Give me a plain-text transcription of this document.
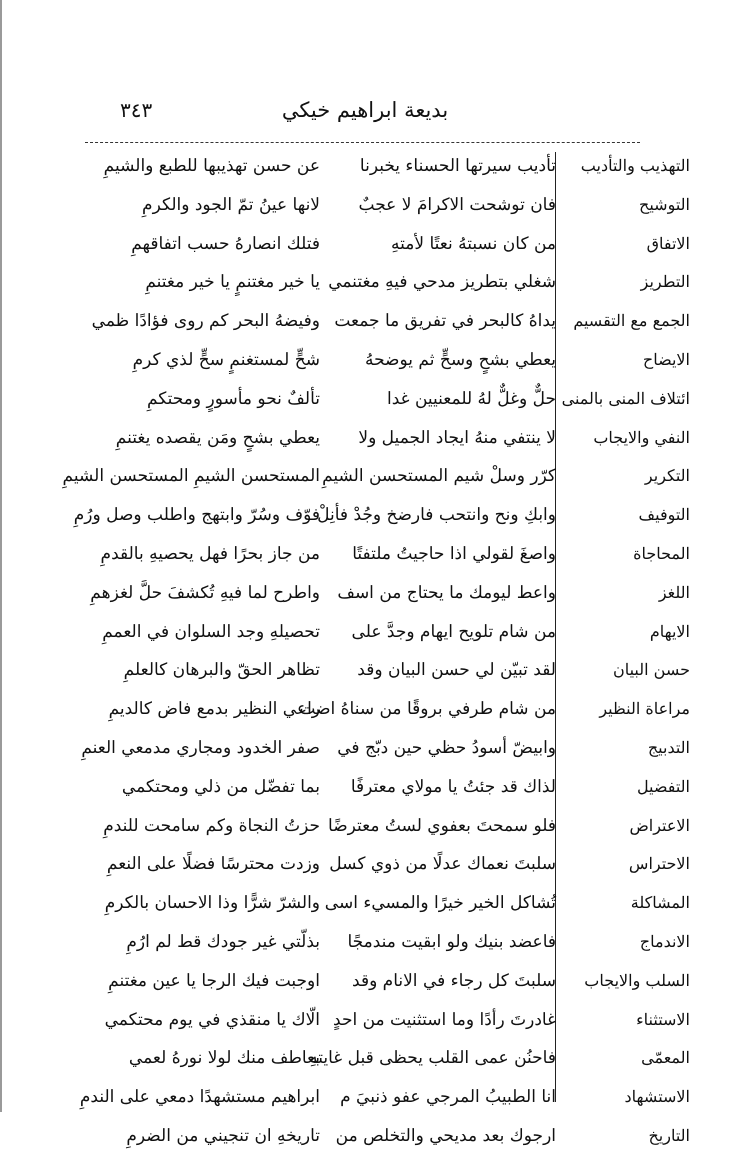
بديعة ابراهيم خيكي
٣٤٣
التهذيب والتأديب
تأديب سيرتها الحسناء يخبرنا
عن حسن تهذيبها للطبع والشيمِ
التوشيح
فان توشحت الاكرامَ لا عجبٌ
لانها عينُ تمّ الجود والكرمِ
الاتفاق
من كان نسبتهُ نعتًا لأمتهِ
فتلك انصارهُ حسب اتفاقهمِ
التطريز
شغلي بتطريز مدحي فيهِ مغتنمي
يا خير مغتنمٍ يا خير مغتنمِ
الجمع مع التقسيم
يداهُ كالبحر في تفريق ما جمعت
وفيضهُ البحر كم روى فؤادًا ظمي
الايضاح
يعطي بشحٍ وسحٍّ ثم يوضحهُ
شحٍّ لمستغنمٍ سحٍّ لذي كرمِ
ائتلاف المنى بالمنى
حلٌّ وغلٌّ لهُ للمعنيين غدا
تألفٌ نحو مأسورٍ ومحتكمِ
النفي والايجاب
لا ينتفي منهُ ايجاد الجميل ولا
يعطي بشحٍ ومَن يقصده يغتنمِ
التكرير
كرّر وسلْ شيم المستحسن الشيمِ
المستحسن الشيمِ المستحسن الشيمِ
التوفيف
وابكِ ونح وانتحب فارضخ وجُدْ فأنِلْ
فوّف وسُرّ وابتهج واطلب وصل ورُمِ
المحاجاة
واصغَ لقولي اذا حاجيتُ ملتفتًا
من جاز بحرًا فهل يحصيهِ بالقدمِ
اللغز
واعط ليومك ما يحتاج من اسف
واطرح لما فيهِ تُكشفَ حلَّ لغزهمِ
الايهام
من شام تلويح ايهام وجدَّ على
تحصيلهِ وجد السلوان في العممِ
حسن البيان
لقد تبيّن لي حسن البيان وقد
تظاهر الحقّ والبرهان كالعلمِ
مراعاة النظير
من شام طرفي بروقًا من سناهُ اضت
راعي النظير بدمع فاض كالديمِ
التدبيج
وابيضّ أسودُ حظي حين دبّج في
صفر الخدود ومجاري مدمعي العنمِ
التفضيل
لذاك قد جئتُ يا مولاي معترفًا
بما تفضّل من ذلي ومحتكمي
الاعتراض
فلو سمحتَ بعفوي لستُ معترضًا
حزتُ النجاة وكم سامحت للندمِ
الاحتراس
سلبتَ نعماك عدلًا من ذوي كسل
وزدت محترسًا فضلًا على النعمِ
المشاكلة
تُشاكل الخير خيرًا والمسيء اسى
والشرّ شرًّا وذا الاحسان بالكرمِ
الاندماج
فاعضد بنيك ولو ابقيت مندمجًا
بذلّتي غير جودك قط لم ارُمِ
السلب والايجاب
سلبتَ كل رجاء في الانام وقد
اوجبت فيك الرجا يا عين مغتنمِ
الاستثناء
غادرتَ رأدًا وما استثنيت من احدٍ
الّاك يا منقذي في يوم محتكمي
المعمّى
فاحنُن عمى القلب يحظى قبل غايتهِ
بعاطف منك لولا نورهُ لعمي
الاستشهاد
انا الطبيبُ المرجي عفو ذنبيَ م
ابراهيم مستشهدًا دمعي على الندمِ
التاريخ
ارجوك بعد مديحي والتخلص من
تاريخهِ ان تنجيني من الضرمِ
